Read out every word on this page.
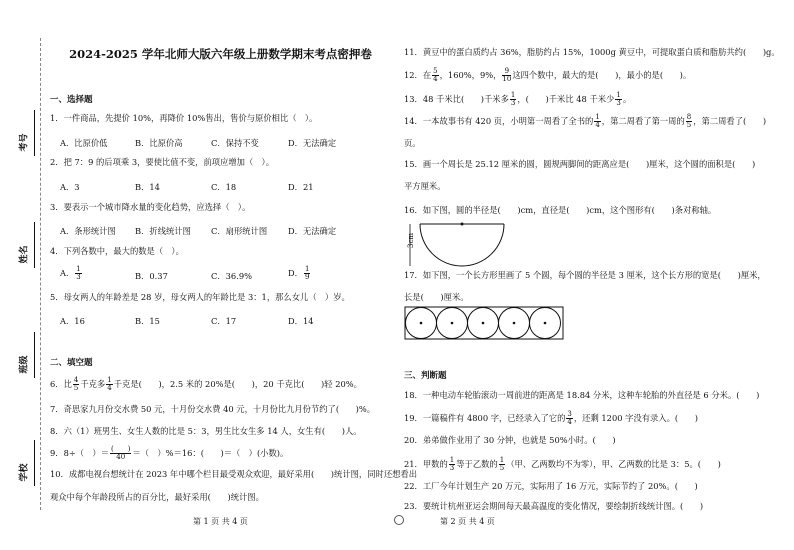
考号
姓名
班级
学校
2024-2025 学年北师大版六年级上册数学期末考点密押卷
一、选择题
1．一件商品，先提价 10%，再降价 10%售出，售价与原价相比（　）。
A．比原价低	B．比原价高	C．保持不变	D．无法确定
2．把 7：9 的后项乘 3，要使比值不变，前项应增加（　）。
A．3	B．14	C．18	D．21
3．要表示一个城市降水量的变化趋势，应选择（　）。
A．条形统计图 B．折线统计图 C．扇形统计图	D．无法确定
4．下列各数中，最大的数是（　）。
A． $\frac{1}{3}$	B．0.37	C．36.9%	D． $\frac{1}{9}$
5．母女两人的年龄差是 28 岁，母女两人的年龄比是 3：1，那么女儿（　）岁。
A．16	B．15	C．17	D．14
二、填空题
6．比 $\frac{4}{5}$ 千克多 $\frac{1}{4}$ 千克是(　　)，2.5 米的 20%是(　　)，20 千克比(　　)轻 20%。
7．奇思家九月份交水费 50 元，十月份交水费 40 元，十月份比九月份节约了(　　)%。
8．六（1）班男生、女生人数的比是 5：3，男生比女生多 14 人，女生有(　　)人。
9．8÷（　）＝ $\frac{( )}{40}$ ＝（　）%＝16：(　　)＝（　）(小数)。
10．成都电视台想统计在 2023 年中哪个栏目最受观众欢迎，最好采用(　　)统计图，同时还想看出
观众中每个年龄段所占的百分比，最好采用(　　)统计图。
第 1 页 共 4 页
11．黄豆中的蛋白质约占 36%，脂肪约占 15%，1000g 黄豆中，可提取蛋白质和脂肪共约(　　)g。
12．在 $\frac{5}{4}$ ，160%，9%， $\frac{9}{10}$ 这四个数中，最大的是(　　)，最小的是(　　)。
13．48 千米比(　　)千米多 $\frac{1}{3}$ ，(　　)千米比 48 千米少 $\frac{1}{3}$ 。
14．一本故事书有 420 页，小明第一周看了全书的 $\frac{1}{4}$ ，第二周看了第一周的 $\frac{8}{5}$ ，第二周看了(　　)
页。
15．画一个周长是 25.12 厘米的圆，圆规两脚间的距离应是(　　)厘米，这个圆的面积是(　　)
平方厘米。
16．如下图，圆的半径是(　　)cm，直径是(　　)cm，这个图形有(　　)条对称轴。
3cm
17．如下图，一个长方形里画了 5 个圆，每个圆的半径是 3 厘米，这个长方形的宽是(　　)厘米，
长是(　　)厘米。
三、判断题
18．一种电动车轮胎滚动一周前进的距离是 18.84 分米，这种车轮胎的外直径是 6 分米。(　　)
19．一篇稿件有 4800 字，已经录入了它的 $\frac{3}{4}$ ，还剩 1200 字没有录入。(　　)
20．弟弟做作业用了 30 分钟，也就是 50%小时。(　　)
21．甲数的 $\frac{1}{3}$ 等于乙数的 $\frac{1}{5}$ （甲、乙两数均不为零），甲、乙两数的比是 3：5。(　　)
22．工厂今年计划生产 20 万元，实际用了 16 万元，实际节约了 20%。(　　)
23．要统计杭州亚运会期间每天最高温度的变化情况，要绘制折线统计图。(　　)
第 2 页 共 4 页
